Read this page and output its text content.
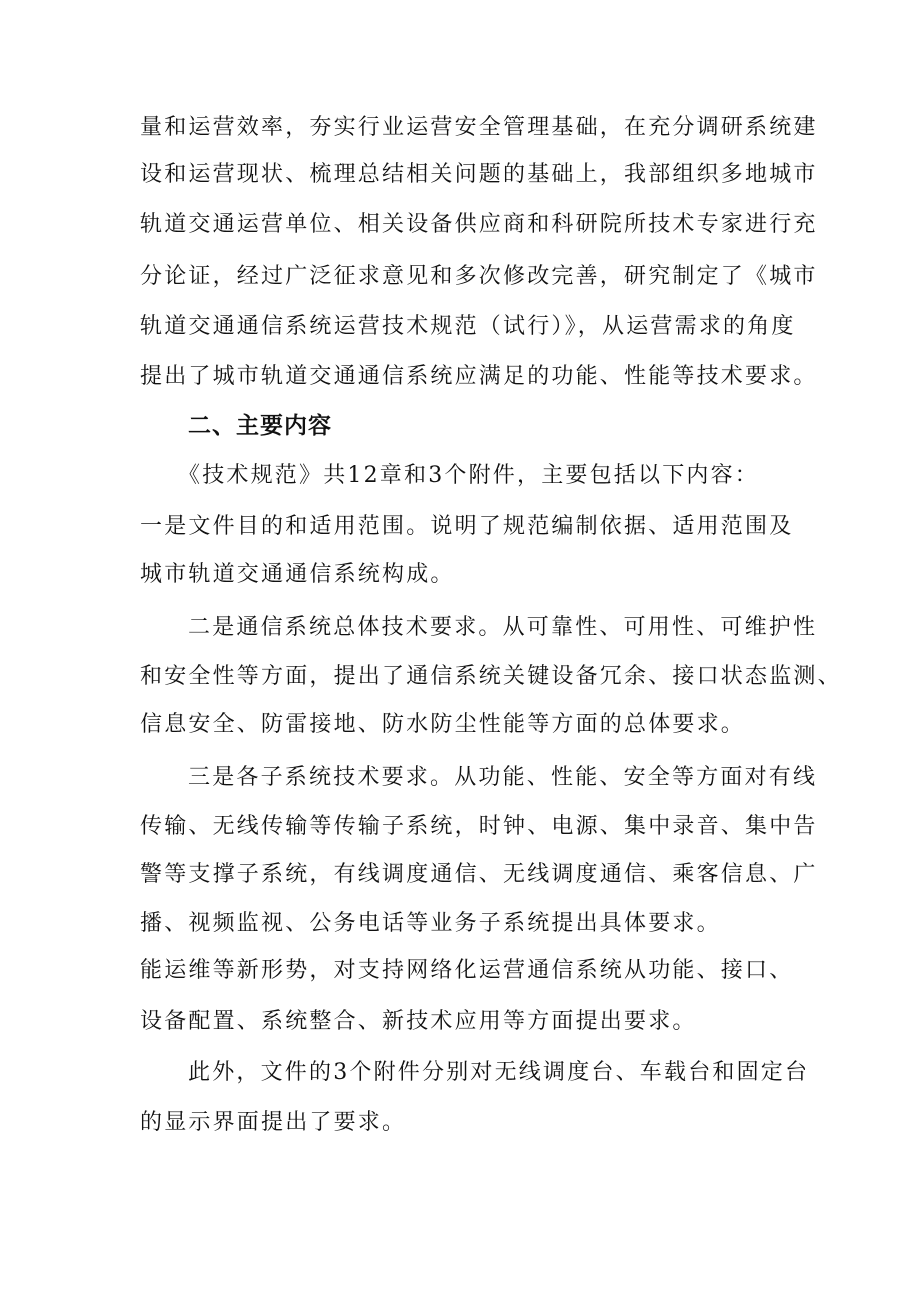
量和运营效率，夯实行业运营安全管理基础，在充分调研系统建
设和运营现状、梳理总结相关问题的基础上，我部组织多地城市
轨道交通运营单位、相关设备供应商和科研院所技术专家进行充
分论证，经过广泛征求意见和多次修改完善，研究制定了《城市
轨道交通通信系统运营技术规范（试行）》，从运营需求的角度
提出了城市轨道交通通信系统应满足的功能、性能等技术要求。
二、主要内容
《技术规范》共12章和3个附件，主要包括以下内容：
一是文件目的和适用范围。说明了规范编制依据、适用范围及
城市轨道交通通信系统构成。
二是通信系统总体技术要求。从可靠性、可用性、可维护性
和安全性等方面，提出了通信系统关键设备冗余、接口状态监测、
信息安全、防雷接地、防水防尘性能等方面的总体要求。
三是各子系统技术要求。从功能、性能、安全等方面对有线
传输、无线传输等传输子系统，时钟、电源、集中录音、集中告
警等支撑子系统，有线调度通信、无线调度通信、乘客信息、广
播、视频监视、公务电话等业务子系统提出具体要求。
能运维等新形势，对支持网络化运营通信系统从功能、接口、
设备配置、系统整合、新技术应用等方面提出要求。
此外，文件的3个附件分别对无线调度台、车载台和固定台
的显示界面提出了要求。
